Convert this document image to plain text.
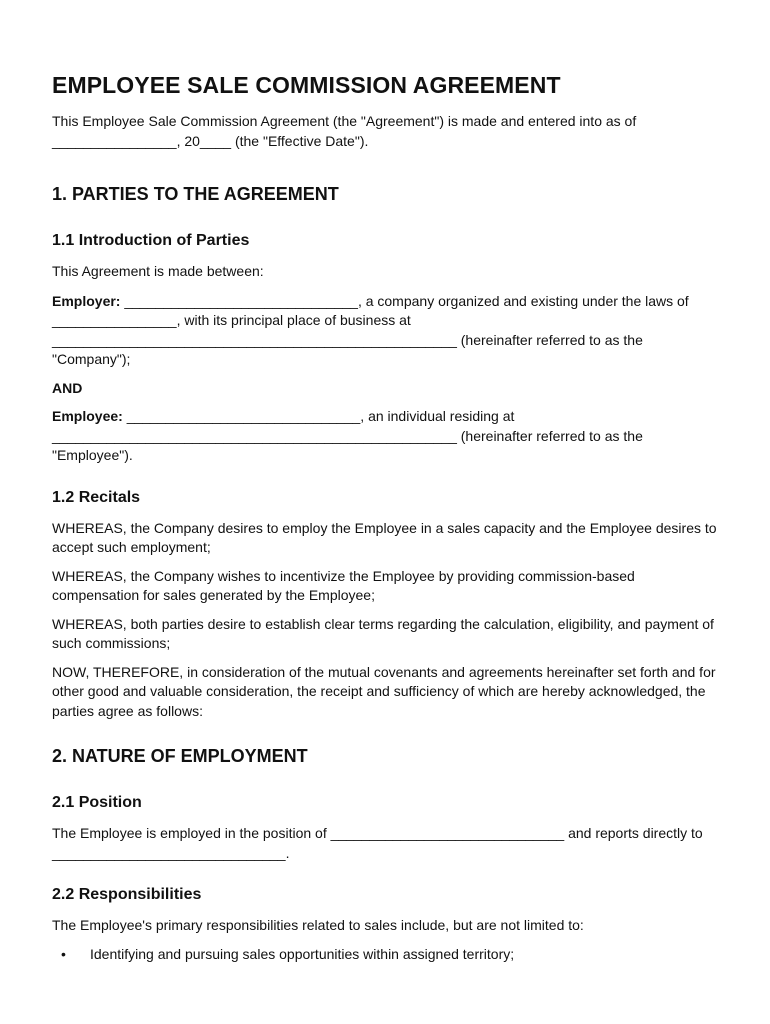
EMPLOYEE SALE COMMISSION AGREEMENT

This Employee Sale Commission Agreement (the "Agreement") is made and entered into as of ________________, 20____ (the "Effective Date").

1. PARTIES TO THE AGREEMENT
1.1 Introduction of Parties

This Agreement is made between:

Employer: ______________________________, a company organized and existing under the laws of ________________, with its principal place of business at ____________________________________________________ (hereinafter referred to as the "Company");

AND

Employee: ______________________________, an individual residing at ____________________________________________________ (hereinafter referred to as the "Employee").

1.2 Recitals

WHEREAS, the Company desires to employ the Employee in a sales capacity and the Employee desires to accept such employment;

WHEREAS, the Company wishes to incentivize the Employee by providing commission-based compensation for sales generated by the Employee;

WHEREAS, both parties desire to establish clear terms regarding the calculation, eligibility, and payment of such commissions;

NOW, THEREFORE, in consideration of the mutual covenants and agreements hereinafter set forth and for other good and valuable consideration, the receipt and sufficiency of which are hereby acknowledged, the parties agree as follows:

2. NATURE OF EMPLOYMENT
2.1 Position

The Employee is employed in the position of ______________________________ and reports directly to ______________________________.

2.2 Responsibilities

The Employee's primary responsibilities related to sales include, but are not limited to:

• Identifying and pursuing sales opportunities within assigned territory;
